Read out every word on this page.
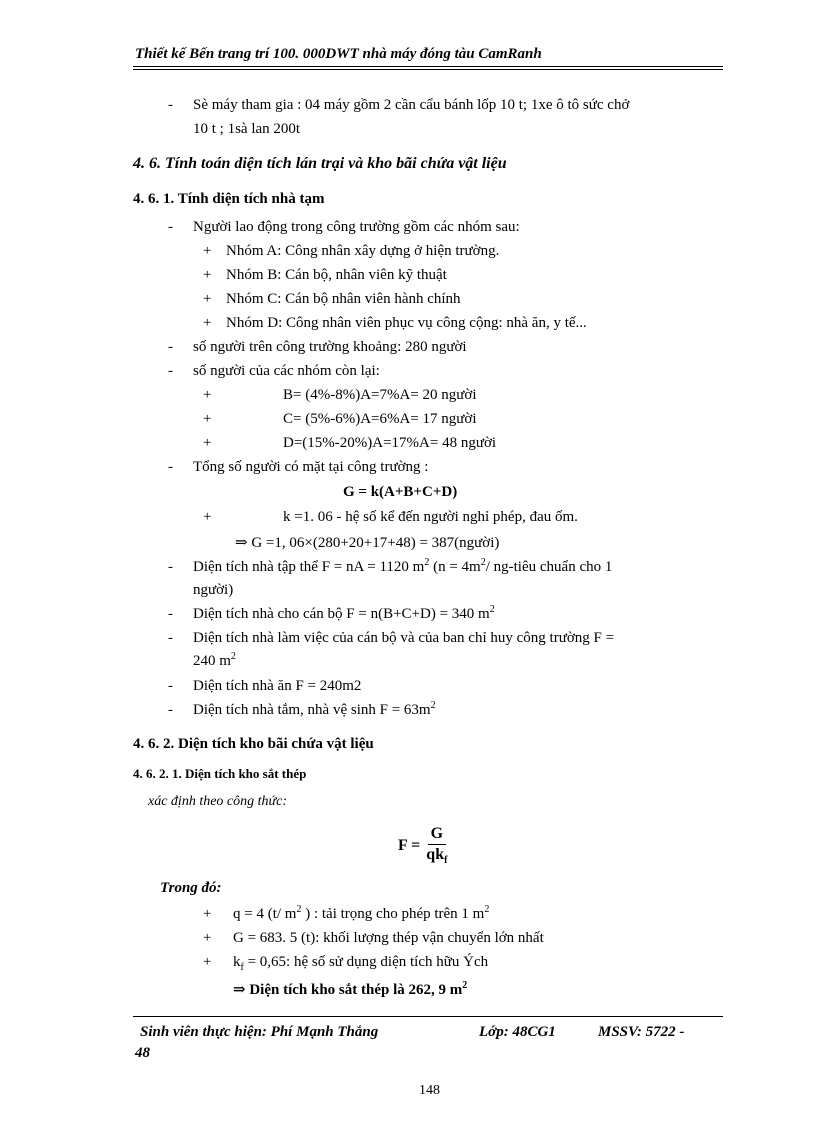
Thiết kế Bến trang trí 100. 000DWT nhà máy đóng tàu CamRanh
- Sè máy tham gia : 04 máy gồm 2 cần cẩu bánh lốp 10 t; 1xe ô tô sức chở
10 t ; 1sà lan 200t
4. 6. Tính toán diện tích lán trại và kho bãi chứa vật liệu
4. 6. 1. Tính diện tích nhà tạm
- Người lao động trong công trường gồm các nhóm sau:
+ Nhóm A: Công nhân xây dựng ở hiện trường.
+ Nhóm B: Cán bộ, nhân viên kỹ thuật
+ Nhóm C: Cán bộ nhân viên hành chính
+ Nhóm D: Công nhân viên phục vụ công cộng: nhà ăn, y tế...
- số người trên công trường khoảng: 280 người
- số người của các nhóm còn lại:
+	B= (4%-8%)A=7%A= 20 người
+	C= (5%-6%)A=6%A= 17 người
+	D=(15%-20%)A=17%A= 48 người
- Tổng số người có mặt tại công trường :
G = k(A+B+C+D)
+	k =1. 06 - hệ số kể đến người nghỉ phép, đau ốm.
⇒ G =1, 06×(280+20+17+48) = 387(người)
- Diện tích nhà tập thể F = nA = 1120 $m^2$ ($n = 4m^2/$ ng-tiêu chuẩn cho 1
người)
- Diện tích nhà cho cán bộ F = n(B+C+D) = 340 $m^2$
- Diện tích nhà làm việc của cán bộ và của ban chỉ huy công trường F =
240 $m^2$
- Diện tích nhà ăn F = 240m2
- Diện tích nhà tắm, nhà vệ $\sinh F = 63m^2$
4. 6. 2. Diện tích kho bãi chứa vật liệu
4. 6. 2. 1. Diện tích kho sắt thép
xác định theo công thức:
$F = \frac{G}{qk_f}$
Trong đó:
+ q = 4 (t/ $m^2$ ) : tải trọng cho phép trên 1 $m^2$
+ G = 683. 5 (t): khối lượng thép vận chuyển lớn nhất
+ $k_f = 0,65$: hệ số sử dụng diện tích hữu Ých
⇒ Diện tích kho sắt thép là 262, 9 $m^2$
Sinh viên thực hiện: Phí Mạnh Thắng	Lớp: 48CG1	MSSV: 5722 -
48
148
